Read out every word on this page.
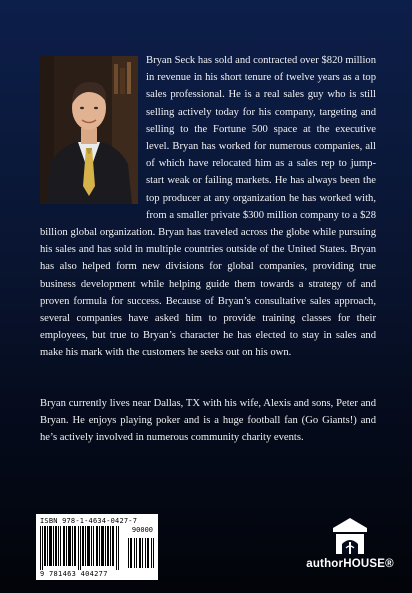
Bryan Seck has sold and contracted over $820 million in revenue in his short tenure of twelve years as a top sales professional. He is a real sales guy who is still selling actively today for his company, targeting and selling to the Fortune 500 space at the executive level. Bryan has worked for numerous companies, all of which have relocated him as a sales rep to jump-start weak or failing markets. He has always been the top producer at any organization he has worked with, from a smaller private $300 million company to a $28 billion global organization. Bryan has traveled across the globe while pursuing his sales and has sold in multiple countries outside of the United States. Bryan has also helped form new divisions for global companies, providing true business development while helping guide them towards a strategy of and proven formula for success. Because of Bryan’s consultative sales approach, several companies have asked him to provide training classes for their employees, but true to Bryan’s character he has elected to stay in sales and make his mark with the customers he seeks out on his own.

Bryan currently lives near Dallas, TX with his wife, Alexis and sons, Peter and Bryan. He enjoys playing poker and is a huge football fan (Go Giants!) and he’s actively involved in numerous community charity events.

ISBN 978-1-4634-0427-7
90000
9 781463 404277
authorHOUSE®
